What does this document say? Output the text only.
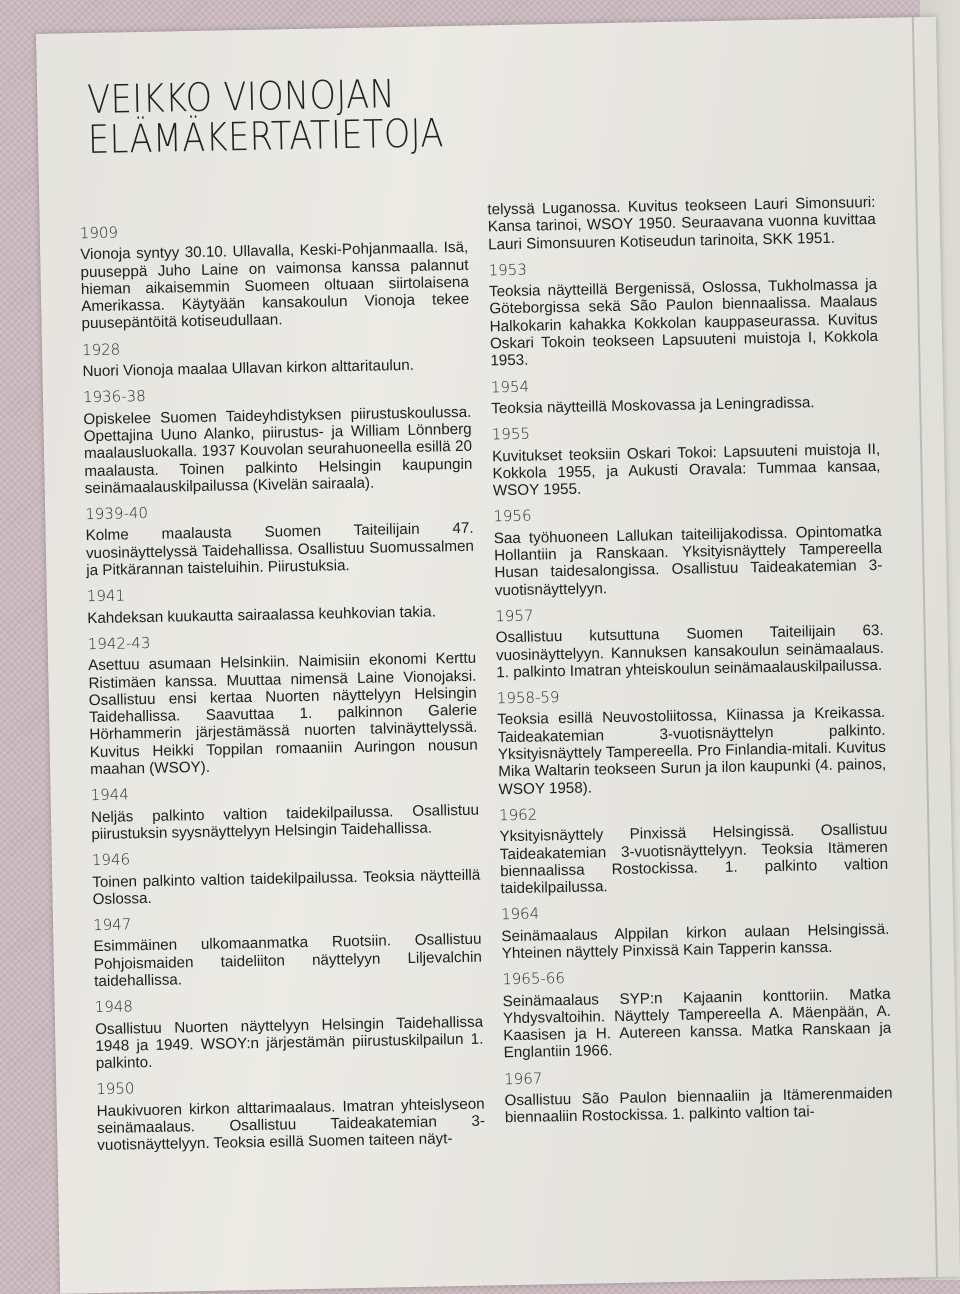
VEIKKO VIONOJAN
ELÄMÄKERTATIETOJA
1909
Vionoja syntyy 30.10. Ullavalla, Keski-Pohjanmaalla. Isä, puuseppä Juho Laine on vaimonsa kanssa palannut hieman aikaisemmin Suomeen oltuaan siirtolaisena Amerikassa. Käytyään kansakoulun Vionoja tekee puusepäntöitä kotiseudullaan.
1928
Nuori Vionoja maalaa Ullavan kirkon alttaritaulun.
1936-38
Opiskelee Suomen Taideyhdistyksen piirustuskoulussa. Opettajina Uuno Alanko, piirustus- ja William Lönnberg maalausluokalla. 1937 Kouvolan seurahuoneella esillä 20 maalausta. Toinen palkinto Helsingin kaupungin seinämaalauskilpailussa (Kivelän sairaala).
1939-40
Kolme maalausta Suomen Taiteilijain 47. vuosinäyttelyssä Taidehallissa. Osallistuu Suomussalmen ja Pitkärannan taisteluihin. Piirustuksia.
1941
Kahdeksan kuukautta sairaalassa keuhkovian takia.
1942-43
Asettuu asumaan Helsinkiin. Naimisiin ekonomi Kerttu Ristimäen kanssa. Muuttaa nimensä Laine Vionojaksi. Osallistuu ensi kertaa Nuorten näyttelyyn Helsingin Taidehallissa. Saavuttaa 1. palkinnon Galerie Hörhammerin järjestämässä nuorten talvinäyttelyssä. Kuvitus Heikki Toppilan romaaniin Auringon nousun maahan (WSOY).
1944
Neljäs palkinto valtion taidekilpailussa. Osallistuu piirustuksin syysnäyttelyyn Helsingin Taidehallissa.
1946
Toinen palkinto valtion taidekilpailussa. Teoksia näytteillä Oslossa.
1947
Esimmäinen ulkomaanmatka Ruotsiin. Osallistuu Pohjoismaiden taideliiton näyttelyyn Liljevalchin taidehallissa.
1948
Osallistuu Nuorten näyttelyyn Helsingin Taidehallissa 1948 ja 1949. WSOY:n järjestämän piirustuskilpailun 1. palkinto.
1950
Haukivuoren kirkon alttarimaalaus. Imatran yhteislyseon seinämaalaus. Osallistuu Taideakatemian 3-vuotisnäyttelyyn. Teoksia esillä Suomen taiteen näyt-
telyssä Luganossa. Kuvitus teokseen Lauri Simonsuuri: Kansa tarinoi, WSOY 1950. Seuraavana vuonna kuvittaa Lauri Simonsuuren Kotiseudun tarinoita, SKK 1951.
1953
Teoksia näytteillä Bergenissä, Oslossa, Tukholmassa ja Göteborgissa sekä São Paulon biennaalissa. Maalaus Halkokarin kahakka Kokkolan kauppaseurassa. Kuvitus Oskari Tokoin teokseen Lapsuuteni muistoja I, Kokkola 1953.
1954
Teoksia näytteillä Moskovassa ja Leningradissa.
1955
Kuvitukset teoksiin Oskari Tokoi: Lapsuuteni muistoja II, Kokkola 1955, ja Aukusti Oravala: Tummaa kansaa, WSOY 1955.
1956
Saa työhuoneen Lallukan taiteilijakodissa. Opintomatka Hollantiin ja Ranskaan. Yksityisnäyttely Tampereella Husan taidesalongissa. Osallistuu Taideakatemian 3-vuotisnäyttelyyn.
1957
Osallistuu kutsuttuna Suomen Taiteilijain 63. vuosinäyttelyyn. Kannuksen kansakoulun seinämaalaus. 1. palkinto Imatran yhteiskoulun seinämaalauskilpailussa.
1958-59
Teoksia esillä Neuvostoliitossa, Kiinassa ja Kreikassa. Taideakatemian 3-vuotisnäyttelyn palkinto. Yksityisnäyttely Tampereella. Pro Finlandia-mitali. Kuvitus Mika Waltarin teokseen Surun ja ilon kaupunki (4. painos, WSOY 1958).
1962
Yksityisnäyttely Pinxissä Helsingissä. Osallistuu Taideakatemian 3-vuotisnäyttelyyn. Teoksia Itämeren biennaalissa Rostockissa. 1. palkinto valtion taidekilpailussa.
1964
Seinämaalaus Alppilan kirkon aulaan Helsingissä. Yhteinen näyttely Pinxissä Kain Tapperin kanssa.
1965-66
Seinämaalaus SYP:n Kajaanin konttoriin. Matka Yhdysvaltoihin. Näyttely Tampereella A. Mäenpään, A. Kaasisen ja H. Autereen kanssa. Matka Ranskaan ja Englantiin 1966.
1967
Osallistuu São Paulon biennaaliin ja Itämerenmaiden biennaaliin Rostockissa. 1. palkinto valtion tai-
